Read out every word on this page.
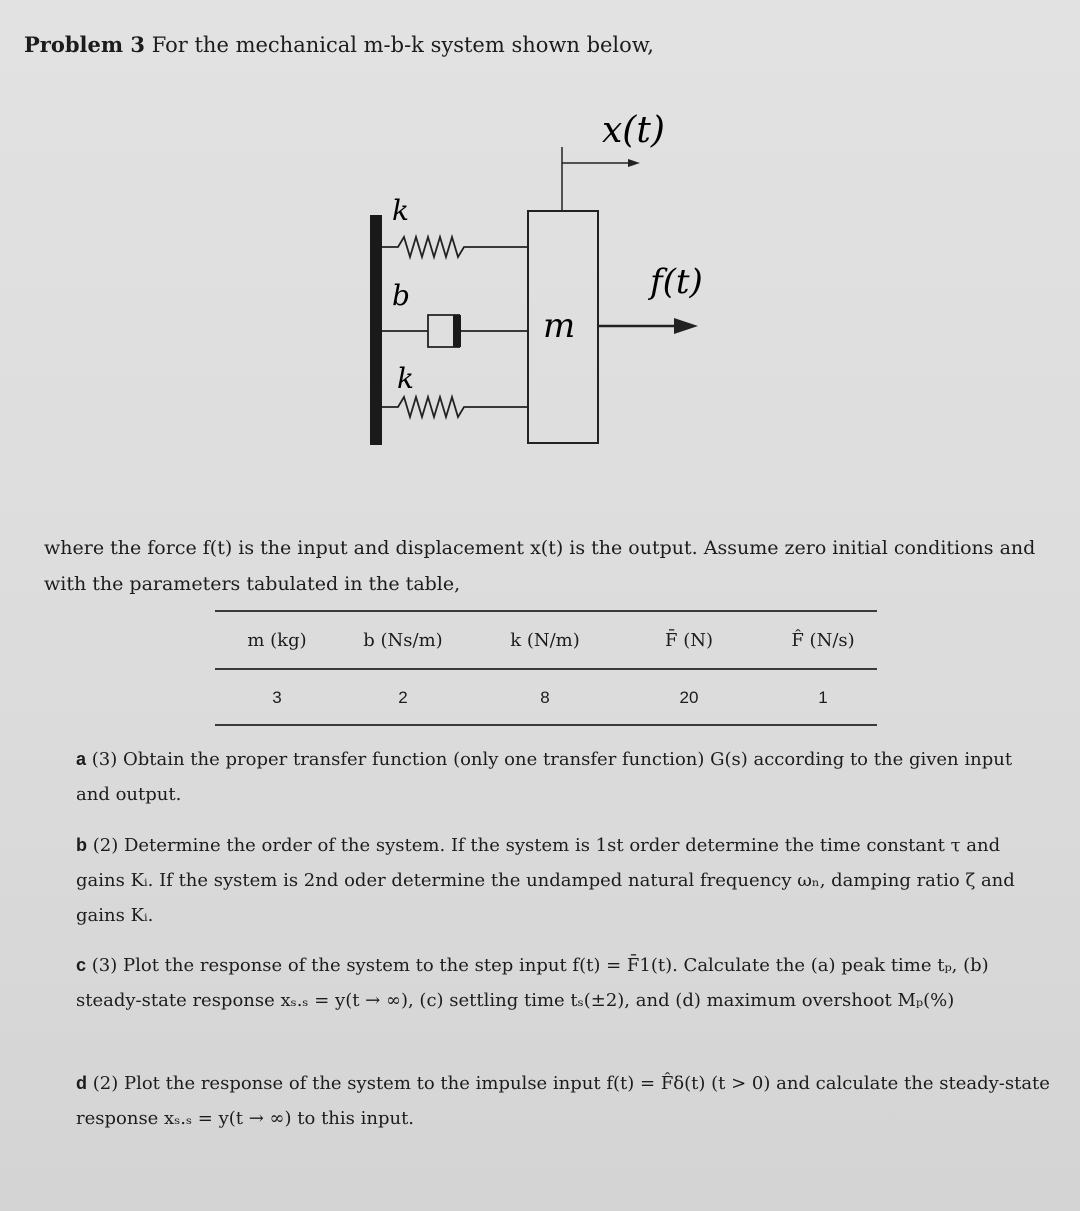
Problem 3 For the mechanical m-b-k system shown below,
x(t)
f(t)
k
b
k
m
where the force f(t) is the input and displacement x(t) is the output. Assume zero initial conditions and with the parameters tabulated in the table,
m (kg)	b (Ns/m)	k (N/m)	F̄ (N)	F̂ (N/s)
3	2	8	20	1
a (3) Obtain the proper transfer function (only one transfer function) G(s) according to the given input and output.
b (2) Determine the order of the system. If the system is 1st order determine the time constant τ and gains Kᵢ. If the system is 2nd oder determine the undamped natural frequency ωₙ, damping ratio ζ and gains Kᵢ.
c (3) Plot the response of the system to the step input f(t) = F̄1(t). Calculate the (a) peak time tₚ, (b) steady-state response xₛ.ₛ = y(t → ∞), (c) settling time tₛ(±2), and (d) maximum overshoot Mₚ(%)
d (2) Plot the response of the system to the impulse input f(t) = F̂δ(t) (t > 0) and calculate the steady-state response xₛ.ₛ = y(t → ∞) to this input.
